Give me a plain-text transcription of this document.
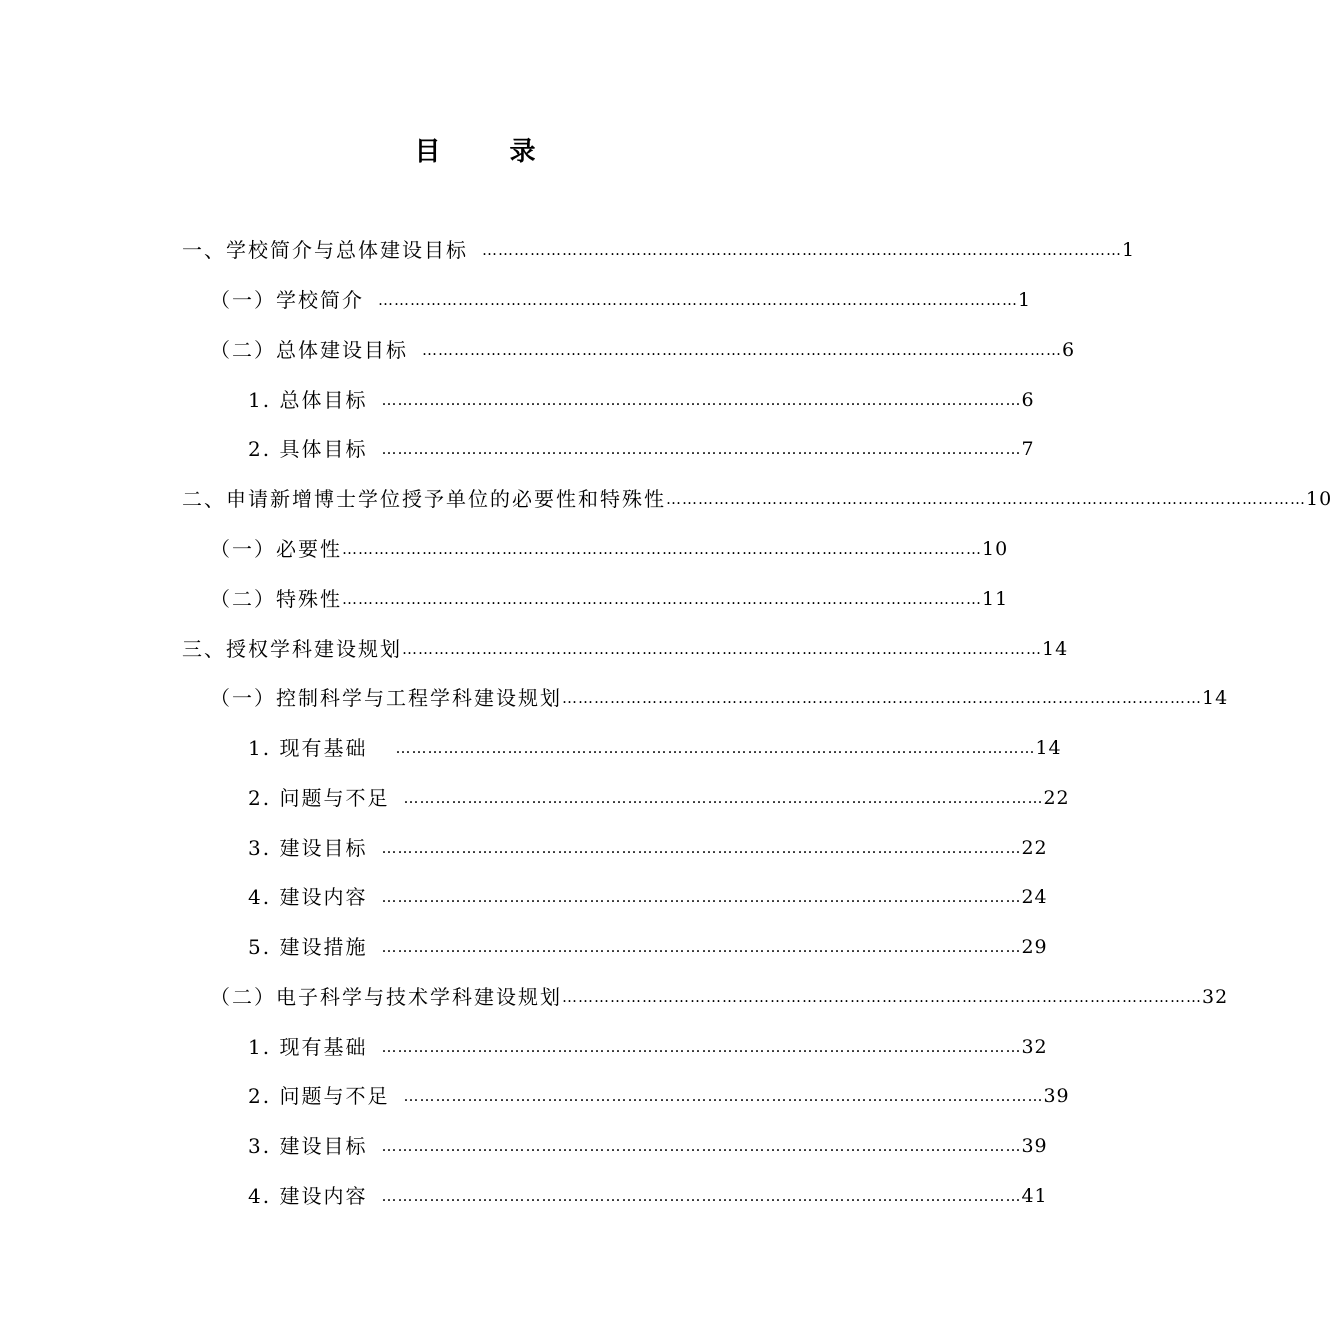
目 录
一、学校简介与总体建设目标 ………………………………………………………………………………………………………… 1
（一）学校简介 ………………………………………………………………………………………………………… 1
（二）总体建设目标 ………………………………………………………………………………………………………… 6
1. 总体目标 ………………………………………………………………………………………………………… 6
2. 具体目标 ………………………………………………………………………………………………………… 7
二、申请新增博士学位授予单位的必要性和特殊性 ………………………………………………………………………………………………………… 10
（一）必要性 ………………………………………………………………………………………………………… 10
（二）特殊性 ………………………………………………………………………………………………………… 11
三、授权学科建设规划 ………………………………………………………………………………………………………… 14
（一）控制科学与工程学科建设规划 ………………………………………………………………………………………………………… 14
1. 现有基础 ………………………………………………………………………………………………………… 14
2. 问题与不足 ………………………………………………………………………………………………………… 22
3. 建设目标 ………………………………………………………………………………………………………… 22
4. 建设内容 ………………………………………………………………………………………………………… 24
5. 建设措施 ………………………………………………………………………………………………………… 29
（二）电子科学与技术学科建设规划 ………………………………………………………………………………………………………… 32
1. 现有基础 ………………………………………………………………………………………………………… 32
2. 问题与不足 ………………………………………………………………………………………………………… 39
3. 建设目标 ………………………………………………………………………………………………………… 39
4. 建设内容 ………………………………………………………………………………………………………… 41
